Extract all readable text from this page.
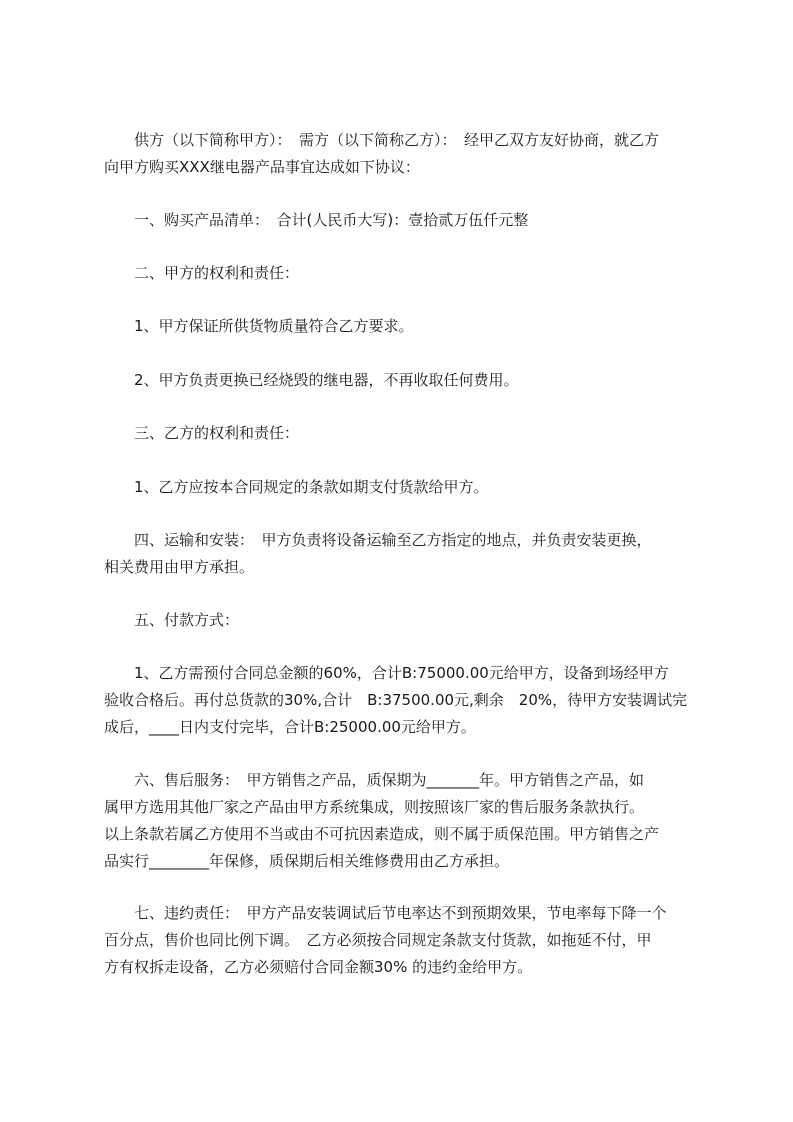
　　供方（以下简称甲方）：　需方（以下简称乙方）：　经甲乙双方友好协商，就乙方
向甲方购买XXX继电器产品事宜达成如下协议：
　　一、购买产品清单：　合计(人民币大写)：壹拾贰万伍仟元整
　　二、甲方的权利和责任：
　　1、甲方保证所供货物质量符合乙方要求。
　　2、甲方负责更换已经烧毁的继电器，不再收取任何费用。
　　三、乙方的权利和责任：
　　1、乙方应按本合同规定的条款如期支付货款给甲方。
　　四、运输和安装：　甲方负责将设备运输至乙方指定的地点，并负责安装更换，
相关费用由甲方承担。
　　五、付款方式：
　　1、乙方需预付合同总金额的60%，合计B:75000.00元给甲方，设备到场经甲方
验收合格后。再付总货款的30%,合计　B:37500.00元,剩余　20%，待甲方安装调试完
成后，____日内支付完毕，合计B:25000.00元给甲方。
　　六、售后服务：　甲方销售之产品，质保期为_______年。甲方销售之产品，如
属甲方选用其他厂家之产品由甲方系统集成，则按照该厂家的售后服务条款执行。
以上条款若属乙方使用不当或由不可抗因素造成，则不属于质保范围。甲方销售之产
品实行________年保修，质保期后相关维修费用由乙方承担。
　　七、违约责任：　甲方产品安装调试后节电率达不到预期效果，节电率每下降一个
百分点，售价也同比例下调。　乙方必须按合同规定条款支付货款，如拖延不付，甲
方有权拆走设备，乙方必须赔付合同金额30% 的违约金给甲方。
